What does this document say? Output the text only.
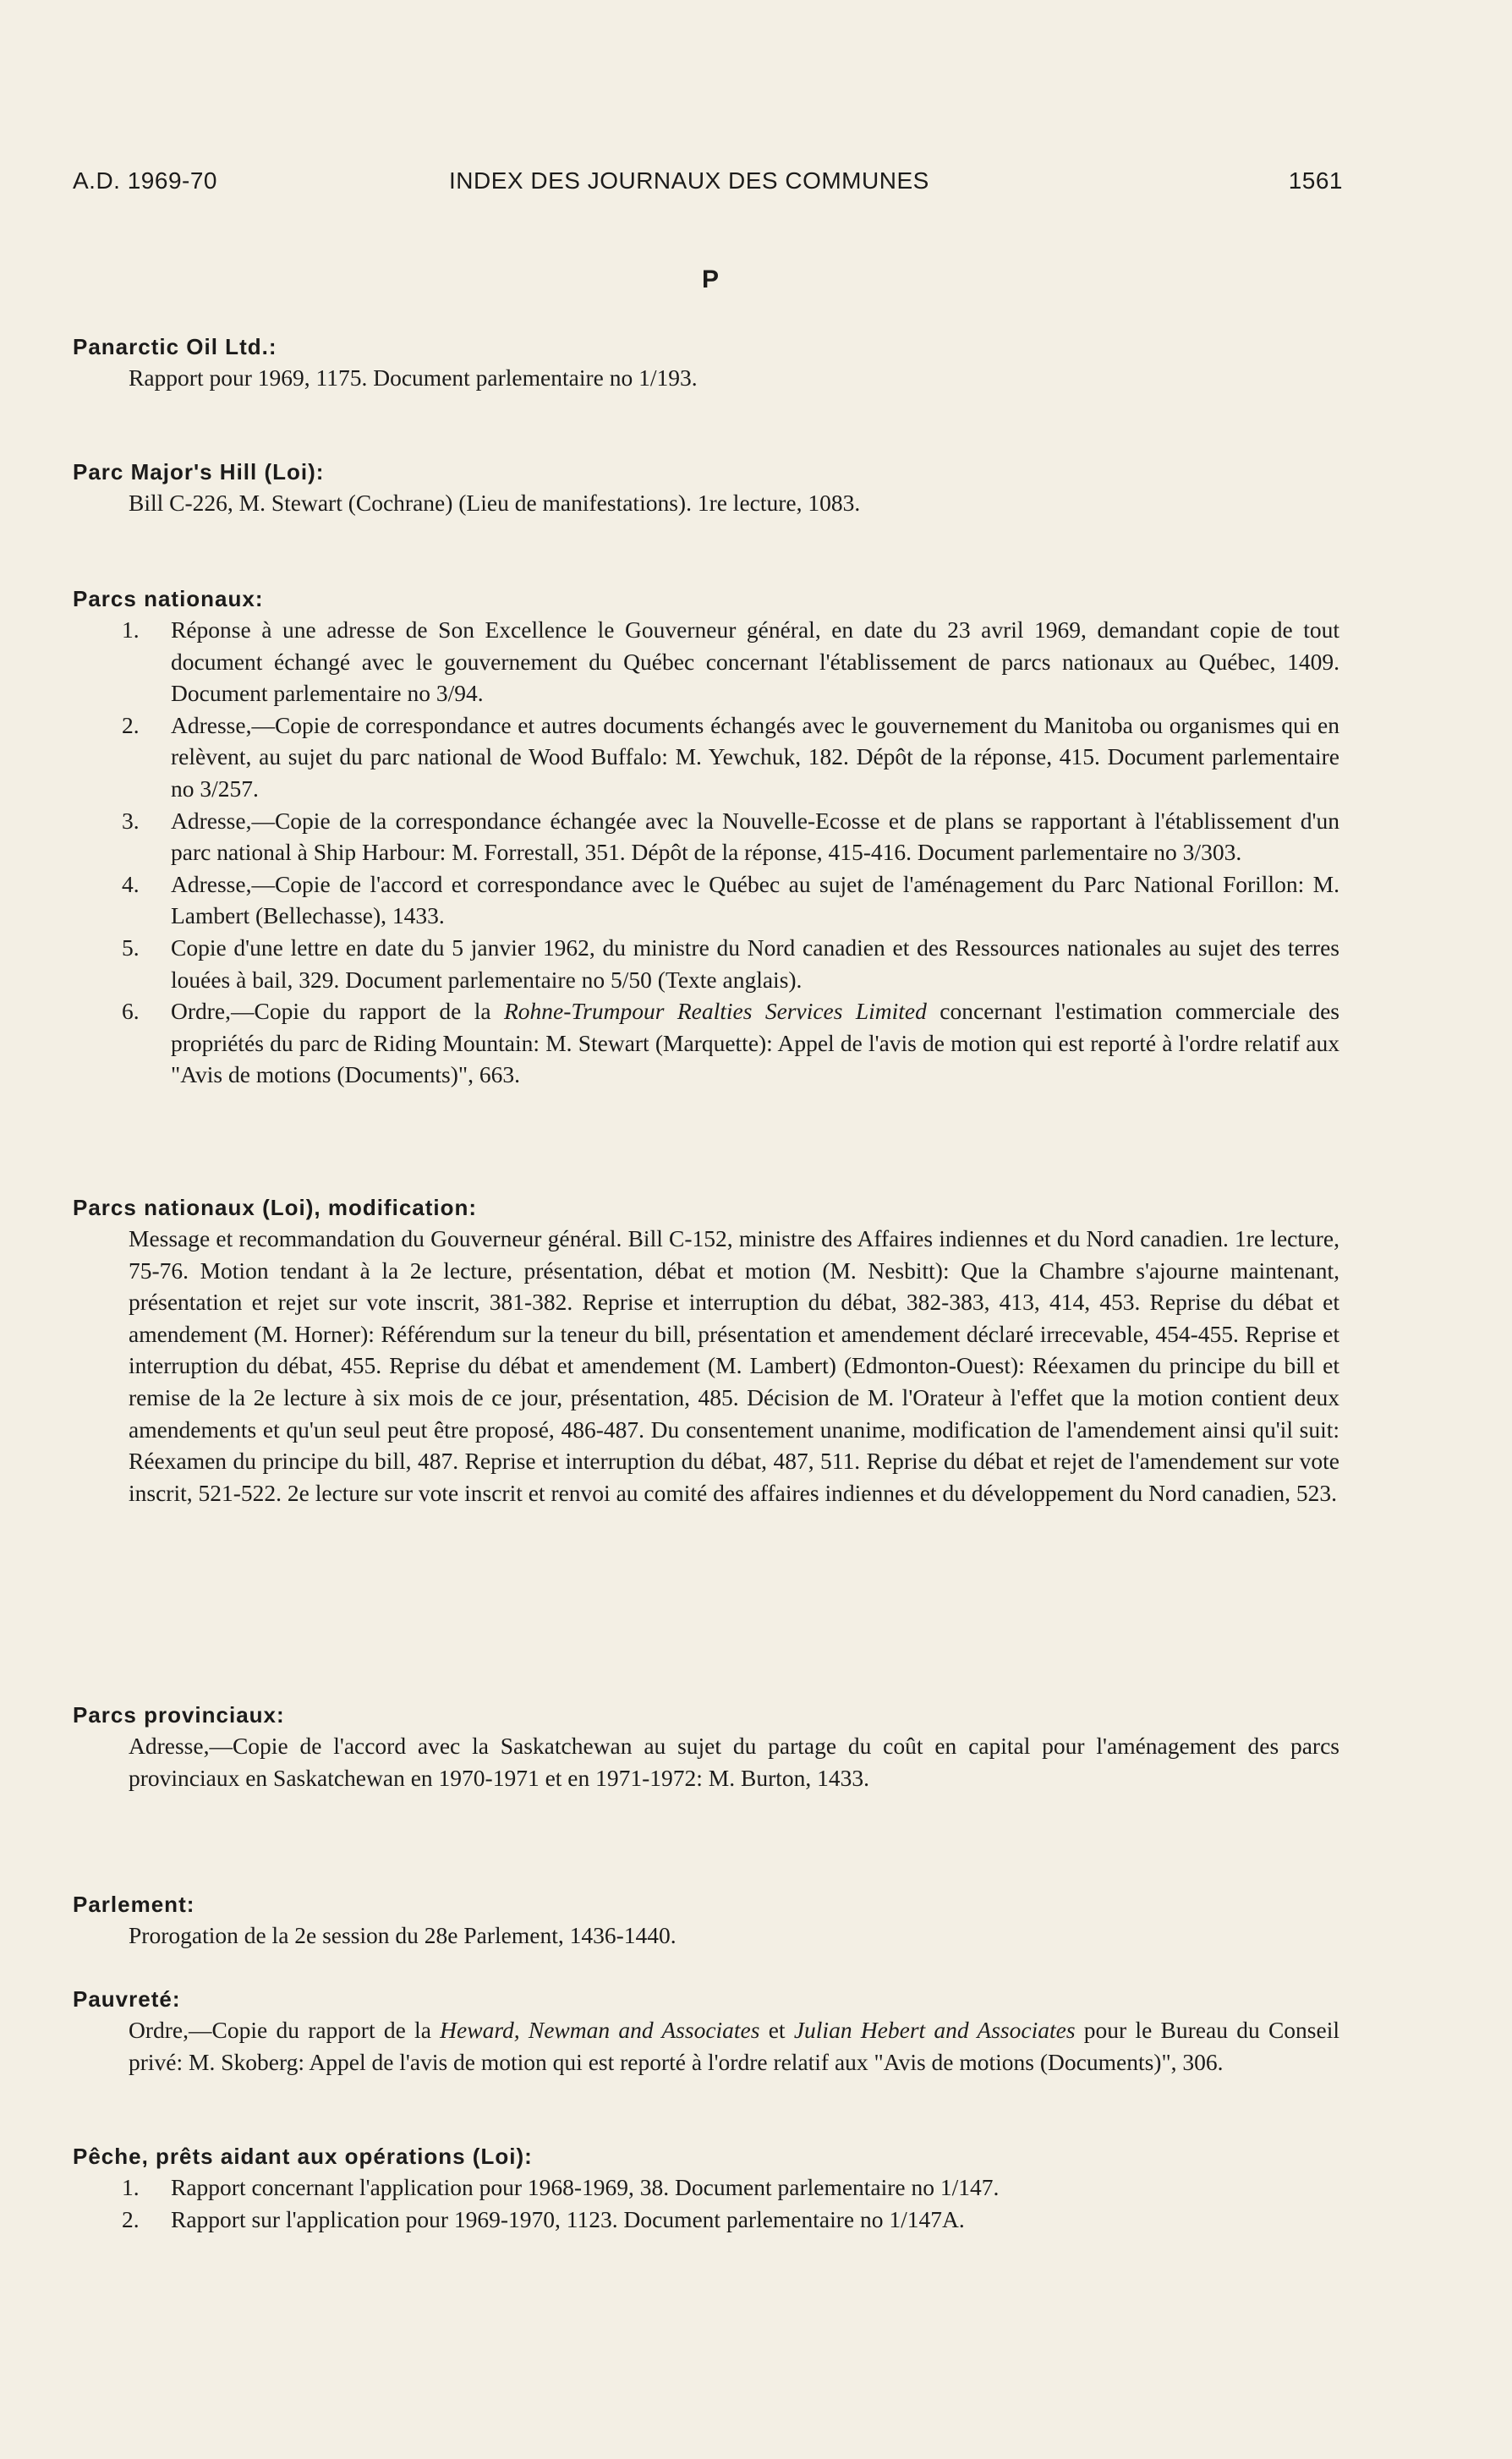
A.D. 1969-70	INDEX DES JOURNAUX DES COMMUNES	1561
P
Panarctic Oil Ltd.:
Rapport pour 1969, 1175. Document parlementaire no 1/193.
Parc Major's Hill (Loi):
Bill C-226, M. Stewart (Cochrane) (Lieu de manifestations). 1re lecture, 1083.
Parcs nationaux:
1.	Réponse à une adresse de Son Excellence le Gouverneur général, en date du 23 avril 1969, demandant copie de tout document échangé avec le gouvernement du Québec concernant l'établissement de parcs nationaux au Québec, 1409. Document parlementaire no 3/94.
2.	Adresse,—Copie de correspondance et autres documents échangés avec le gouvernement du Manitoba ou organismes qui en relèvent, au sujet du parc national de Wood Buffalo: M. Yewchuk, 182. Dépôt de la réponse, 415. Document parlementaire no 3/257.
3.	Adresse,—Copie de la correspondance échangée avec la Nouvelle-Ecosse et de plans se rapportant à l'établissement d'un parc national à Ship Harbour: M. Forrestall, 351. Dépôt de la réponse, 415-416. Document parlementaire no 3/303.
4.	Adresse,—Copie de l'accord et correspondance avec le Québec au sujet de l'aménagement du Parc National Forillon: M. Lambert (Bellechasse), 1433.
5.	Copie d'une lettre en date du 5 janvier 1962, du ministre du Nord canadien et des Ressources nationales au sujet des terres louées à bail, 329. Document parlementaire no 5/50 (Texte anglais).
6.	Ordre,—Copie du rapport de la Rohne-Trumpour Realties Services Limited concernant l'estimation commerciale des propriétés du parc de Riding Mountain: M. Stewart (Marquette): Appel de l'avis de motion qui est reporté à l'ordre relatif aux "Avis de motions (Documents)", 663.
Parcs nationaux (Loi), modification:
Message et recommandation du Gouverneur général. Bill C-152, ministre des Affaires indiennes et du Nord canadien. 1re lecture, 75-76. Motion tendant à la 2e lecture, présentation, débat et motion (M. Nesbitt): Que la Chambre s'ajourne maintenant, présentation et rejet sur vote inscrit, 381-382. Reprise et interruption du débat, 382-383, 413, 414, 453. Reprise du débat et amendement (M. Horner): Référendum sur la teneur du bill, présentation et amendement déclaré irrecevable, 454-455. Reprise et interruption du débat, 455. Reprise du débat et amendement (M. Lambert) (Edmonton-Ouest): Réexamen du principe du bill et remise de la 2e lecture à six mois de ce jour, présentation, 485. Décision de M. l'Orateur à l'effet que la motion contient deux amendements et qu'un seul peut être proposé, 486-487. Du consentement unanime, modification de l'amendement ainsi qu'il suit: Réexamen du principe du bill, 487. Reprise et interruption du débat, 487, 511. Reprise du débat et rejet de l'amendement sur vote inscrit, 521-522. 2e lecture sur vote inscrit et renvoi au comité des affaires indiennes et du développement du Nord canadien, 523.
Parcs provinciaux:
Adresse,—Copie de l'accord avec la Saskatchewan au sujet du partage du coût en capital pour l'aménagement des parcs provinciaux en Saskatchewan en 1970-1971 et en 1971-1972: M. Burton, 1433.
Parlement:
Prorogation de la 2e session du 28e Parlement, 1436-1440.
Pauvreté:
Ordre,—Copie du rapport de la Heward, Newman and Associates et Julian Hebert and Associates pour le Bureau du Conseil privé: M. Skoberg: Appel de l'avis de motion qui est reporté à l'ordre relatif aux "Avis de motions (Documents)", 306.
Pêche, prêts aidant aux opérations (Loi):
1.	Rapport concernant l'application pour 1968-1969, 38. Document parlementaire no 1/147.
2.	Rapport sur l'application pour 1969-1970, 1123. Document parlementaire no 1/147A.
